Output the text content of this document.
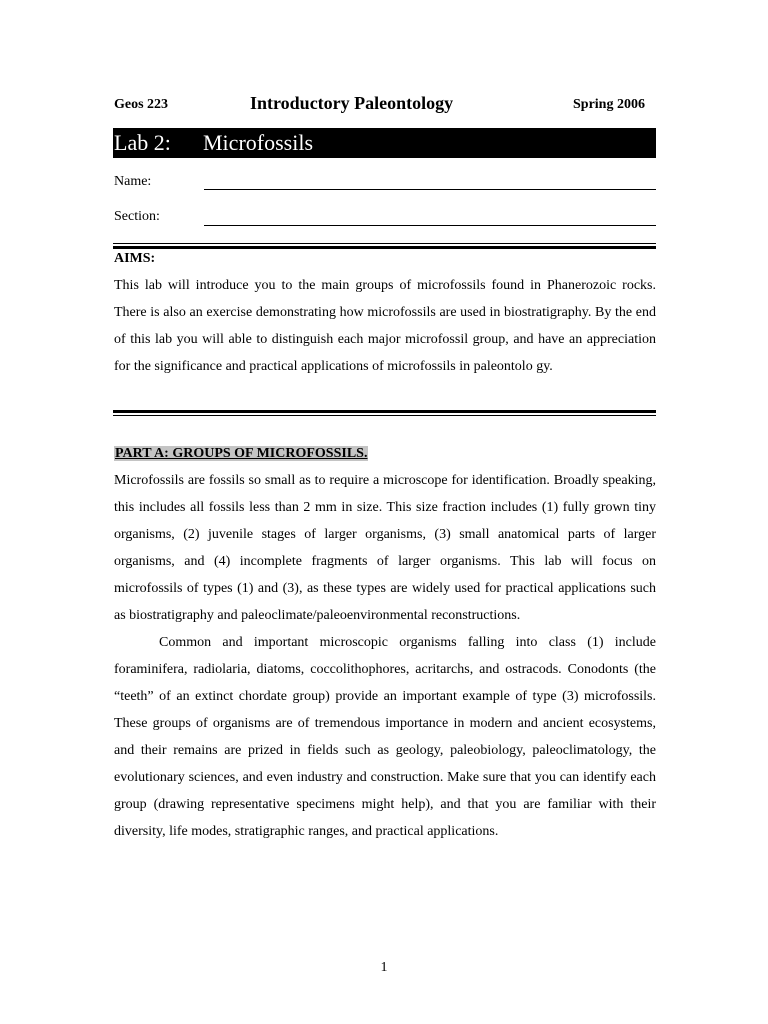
Geos 223	Introductory Paleontology	Spring 2006
Lab 2: Microfossils
Name:
Section:
AIMS:

This lab will introduce you to the main groups of microfossils found in Phanerozoic rocks. There is also an exercise demonstrating how microfossils are used in biostratigraphy. By the end of this lab you will able to distinguish each major microfossil group, and have an appreciation for the significance and practical applications of microfossils in paleontolo gy.

PART A: GROUPS OF MICROFOSSILS.

Microfossils are fossils so small as to require a microscope for identification. Broadly speaking, this includes all fossils less than 2 mm in size. This size fraction includes (1) fully grown tiny organisms, (2) juvenile stages of larger organisms, (3) small anatomical parts of larger organisms, and (4) incomplete fragments of larger organisms. This lab will focus on microfossils of types (1) and (3), as these types are widely used for practical applications such as biostratigraphy and paleoclimate/paleoenvironmental reconstructions.

Common and important microscopic organisms falling into class (1) include foraminifera, radiolaria, diatoms, coccolithophores, acritarchs, and ostracods. Conodonts (the “teeth” of an extinct chordate group) provide an important example of type (3) microfossils. These groups of organisms are of tremendous importance in modern and ancient ecosystems, and their remains are prized in fields such as geology, paleobiology, paleoclimatology, the evolutionary sciences, and even industry and construction. Make sure that you can identify each group (drawing representative specimens might help), and that you are familiar with their diversity, life modes, stratigraphic ranges, and practical applications.

1
